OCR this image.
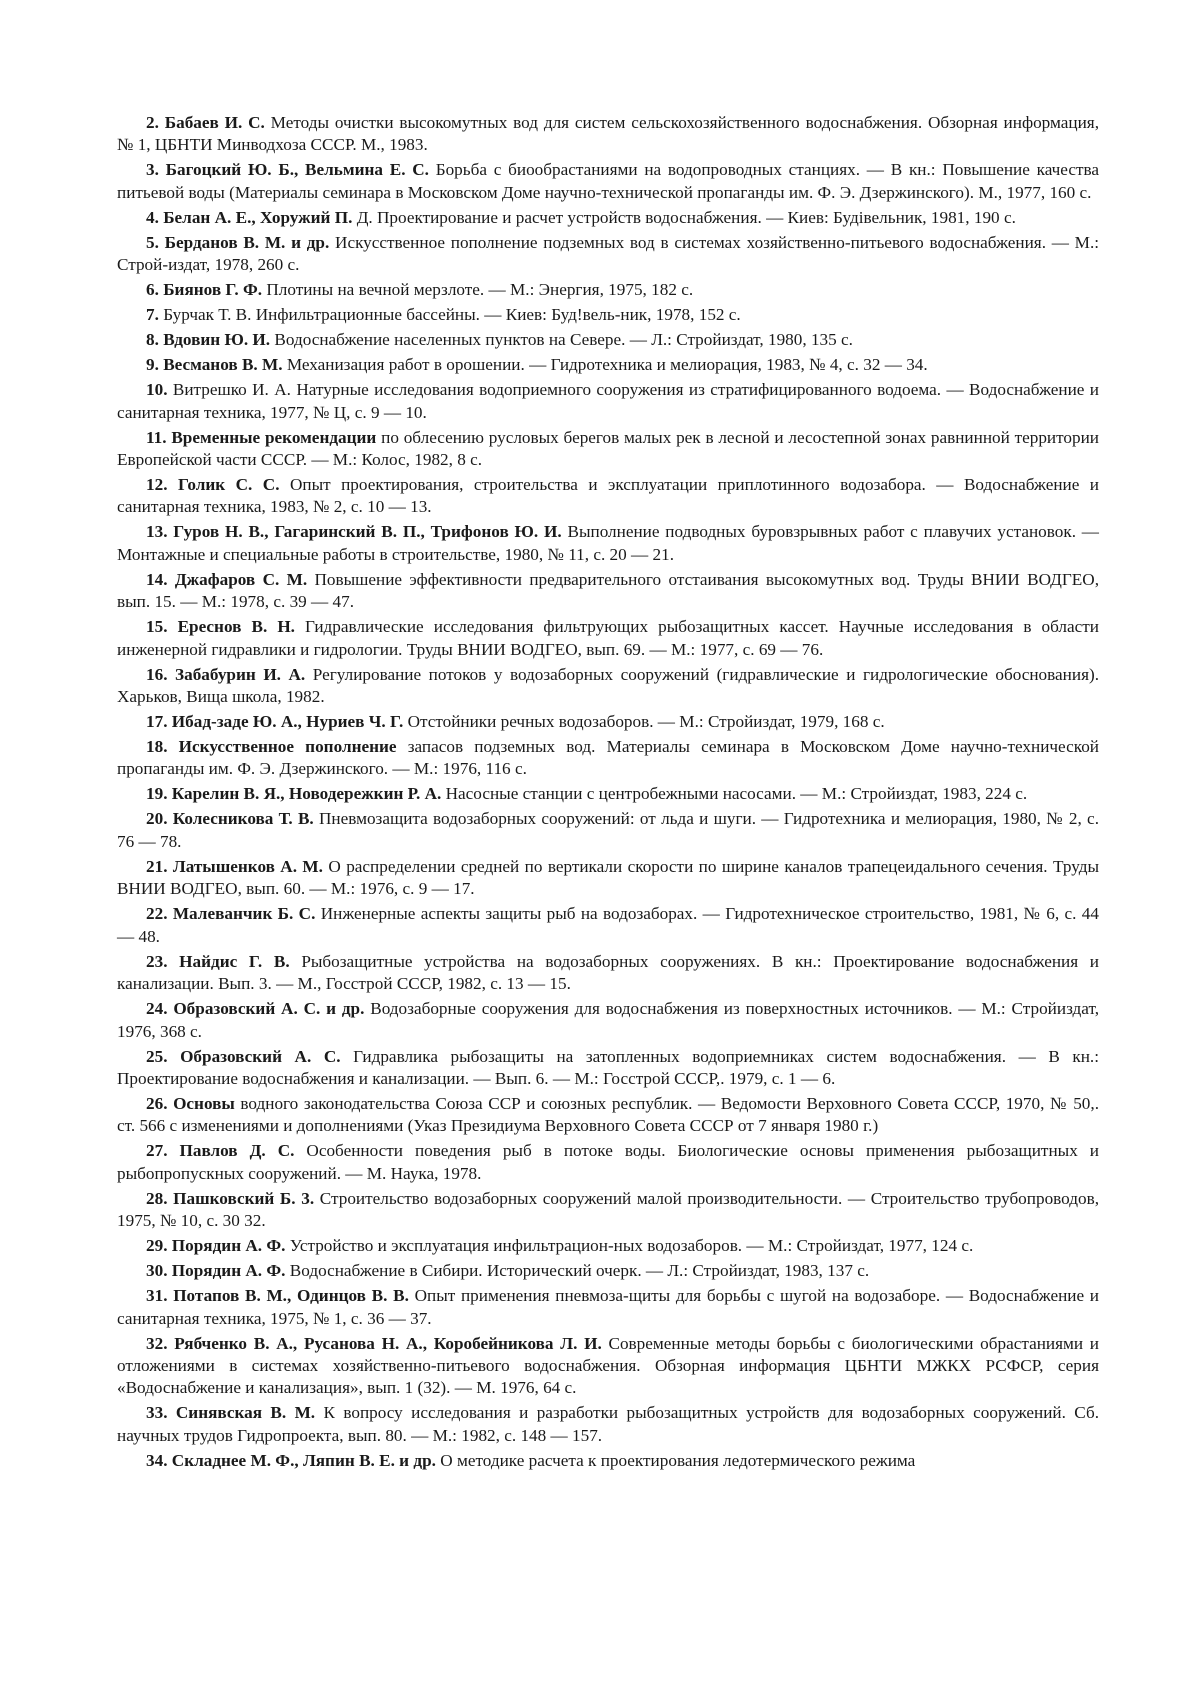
2. Бабаев И. С. Методы очистки высокомутных вод для систем сельскохозяйственного водоснабжения. Обзорная информация, № 1, ЦБНТИ Минводхоза СССР. М., 1983.

3. Багоцкий Ю. Б., Вельмина Е. С. Борьба с биообрастаниями на водопроводных станциях. — В кн.: Повышение качества питьевой воды (Материалы семинара в Московском Доме научно-технической пропаганды им. Ф. Э. Дзержинского). М., 1977, 160 с.

4. Белан А. Е., Хоружий П. Д. Проектирование и расчет устройств водоснабжения. — Киев: Будівельник, 1981, 190 с.

5. Берданов В. М. и др. Искусственное пополнение подземных вод в системах хозяйственно-питьевого водоснабжения. — М.: Строй-издат, 1978, 260 с.

6. Биянов Г. Ф. Плотины на вечной мерзлоте. — М.: Энергия, 1975, 182 с.

7. Бурчак Т. В. Инфильтрационные бассейны. — Киев: Буд!вель-ник, 1978, 152 с.

8. Вдовин Ю. И. Водоснабжение населенных пунктов на Севере. — Л.: Стройиздат, 1980, 135 с.

9. Весманов В. М. Механизация работ в орошении. — Гидротехника и мелиорация, 1983, № 4, с. 32 — 34.

10. Витрешко И. А. Натурные исследования водоприемного сооружения из стратифицированного водоема. — Водоснабжение и санитарная техника, 1977, № Ц, с. 9 — 10.

11. Временные рекомендации по облесению русловых берегов малых рек в лесной и лесостепной зонах равнинной территории Европейской части СССР. — М.: Колос, 1982, 8 с.

12. Голик С. С. Опыт проектирования, строительства и эксплуатации приплотинного водозабора. — Водоснабжение и санитарная техника, 1983, № 2, с. 10 — 13.

13. Гуров Н. В., Гагаринский В. П., Трифонов Ю. И. Выполнение подводных буровзрывных работ с плавучих установок. — Монтажные и специальные работы в строительстве, 1980, № 11, с. 20 — 21.

14. Джафаров С. М. Повышение эффективности предварительного отстаивания высокомутных вод. Труды ВНИИ ВОДГЕО, вып. 15. — М.: 1978, с. 39 — 47.

15. Ереснов В. Н. Гидравлические исследования фильтрующих рыбозащитных кассет. Научные исследования в области инженерной гидравлики и гидрологии. Труды ВНИИ ВОДГЕО, вып. 69. — М.: 1977, с. 69 — 76.

16. Забабурин И. А. Регулирование потоков у водозаборных сооружений (гидравлические и гидрологические обоснования). Харьков, Вища школа, 1982.

17. Ибад-заде Ю. А., Нуриев Ч. Г. Отстойники речных водозаборов. — М.: Стройиздат, 1979, 168 с.

18. Искусственное пополнение запасов подземных вод. Материалы семинара в Московском Доме научно-технической пропаганды им. Ф. Э. Дзержинского. — М.: 1976, 116 с.

19. Карелин В. Я., Новодережкин Р. А. Насосные станции с центробежными насосами. — М.: Стройиздат, 1983, 224 с.

20. Колесникова Т. В. Пневмозащита водозаборных сооружений: от льда и шуги. — Гидротехника и мелиорация, 1980, № 2, с. 76 — 78.

21. Латышенков А. М. О распределении средней по вертикали скорости по ширине каналов трапецеидального сечения. Труды ВНИИ ВОДГЕО, вып. 60. — М.: 1976, с. 9 — 17.

22. Малеванчик Б. С. Инженерные аспекты защиты рыб на водозаборах. — Гидротехническое строительство, 1981, № 6, с. 44 — 48.

23. Найдис Г. В. Рыбозащитные устройства на водозаборных сооружениях. В кн.: Проектирование водоснабжения и канализации. Вып. 3. — М., Госстрой СССР, 1982, с. 13 — 15.

24. Образовский А. С. и др. Водозаборные сооружения для водоснабжения из поверхностных источников. — М.: Стройиздат, 1976, 368 с.

25. Образовский А. С. Гидравлика рыбозащиты на затопленных водоприемниках систем водоснабжения. — В кн.: Проектирование водоснабжения и канализации. — Вып. 6. — М.: Госстрой СССР,. 1979, с. 1 — 6.

26. Основы водного законодательства Союза ССР и союзных республик. — Ведомости Верховного Совета СССР, 1970, № 50,. ст. 566 с изменениями и дополнениями (Указ Президиума Верховного Совета СССР от 7 января 1980 г.)

27. Павлов Д. С. Особенности поведения рыб в потоке воды. Биологические основы применения рыбозащитных и рыбопропускных сооружений. — М. Наука, 1978.

28. Пашковский Б. 3. Строительство водозаборных сооружений малой производительности. — Строительство трубопроводов, 1975, № 10, с. 30 32.

29. Порядин А. Ф. Устройство и эксплуатация инфильтрацион-ных водозаборов. — М.: Стройиздат, 1977, 124 с.

30. Порядин А. Ф. Водоснабжение в Сибири. Исторический очерк. — Л.: Стройиздат, 1983, 137 с.

31. Потапов В. М., Одинцов В. В. Опыт применения пневмоза-щиты для борьбы с шугой на водозаборе. — Водоснабжение и санитарная техника, 1975, № 1, с. 36 — 37.

32. Рябченко В. А., Русанова Н. А., Коробейникова Л. И. Современные методы борьбы с биологическими обрастаниями и отложениями в системах хозяйственно-питьевого водоснабжения. Обзорная информация ЦБНТИ МЖКХ РСФСР, серия «Водоснабжение и канализация», вып. 1 (32). — М. 1976, 64 с.

33. Синявская В. М. К вопросу исследования и разработки рыбозащитных устройств для водозаборных сооружений. Сб. научных трудов Гидропроекта, вып. 80. — М.: 1982, с. 148 — 157.

34. Складнее М. Ф., Ляпин В. Е. и др. О методике расчета к проектирования ледотермического режима
